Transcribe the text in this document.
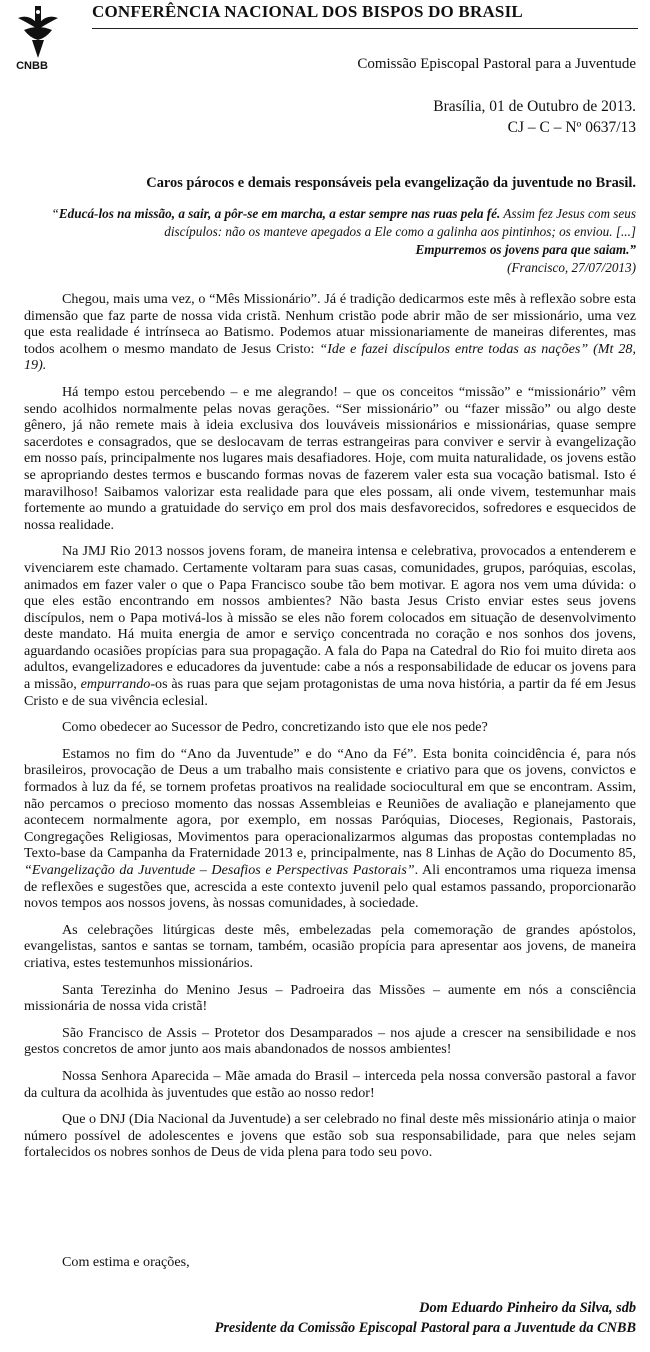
CNBB
CONFERÊNCIA NACIONAL DOS BISPOS DO BRASIL
Comissão Episcopal Pastoral para a Juventude
Brasília, 01 de Outubro de 2013.
CJ – C – Nº 0637/13
Caros párocos e demais responsáveis pela evangelização da juventude no Brasil.
“Educá-los na missão, a sair, a pôr-se em marcha, a estar sempre nas ruas pela fé. Assim fez Jesus com seus discípulos: não os manteve apegados a Ele como a galinha aos pintinhos; os enviou. [...]
Empurremos os jovens para que saiam.”
(Francisco, 27/07/2013)

Chegou, mais uma vez, o “Mês Missionário”. Já é tradição dedicarmos este mês à reflexão sobre esta dimensão que faz parte de nossa vida cristã. Nenhum cristão pode abrir mão de ser missionário, uma vez que esta realidade é intrínseca ao Batismo. Podemos atuar missionariamente de maneiras diferentes, mas todos acolhem o mesmo mandato de Jesus Cristo: “Ide e fazei discípulos entre todas as nações” (Mt 28, 19).

Há tempo estou percebendo – e me alegrando! – que os conceitos “missão” e “missionário” vêm sendo acolhidos normalmente pelas novas gerações. “Ser missionário” ou “fazer missão” ou algo deste gênero, já não remete mais à ideia exclusiva dos louváveis missionários e missionárias, quase sempre sacerdotes e consagrados, que se deslocavam de terras estrangeiras para conviver e servir à evangelização em nosso país, principalmente nos lugares mais desafiadores. Hoje, com muita naturalidade, os jovens estão se apropriando destes termos e buscando formas novas de fazerem valer esta sua vocação batismal. Isto é maravilhoso! Saibamos valorizar esta realidade para que eles possam, ali onde vivem, testemunhar mais fortemente ao mundo a gratuidade do serviço em prol dos mais desfavorecidos, sofredores e esquecidos de nossa realidade.

Na JMJ Rio 2013 nossos jovens foram, de maneira intensa e celebrativa, provocados a entenderem e vivenciarem este chamado. Certamente voltaram para suas casas, comunidades, grupos, paróquias, escolas, animados em fazer valer o que o Papa Francisco soube tão bem motivar. E agora nos vem uma dúvida: o que eles estão encontrando em nossos ambientes? Não basta Jesus Cristo enviar estes seus jovens discípulos, nem o Papa motivá-los à missão se eles não forem colocados em situação de desenvolvimento deste mandato. Há muita energia de amor e serviço concentrada no coração e nos sonhos dos jovens, aguardando ocasiões propícias para sua propagação. A fala do Papa na Catedral do Rio foi muito direta aos adultos, evangelizadores e educadores da juventude: cabe a nós a responsabilidade de educar os jovens para a missão, empurrando-os às ruas para que sejam protagonistas de uma nova história, a partir da fé em Jesus Cristo e de sua vivência eclesial.

Como obedecer ao Sucessor de Pedro, concretizando isto que ele nos pede?

Estamos no fim do “Ano da Juventude” e do “Ano da Fé”. Esta bonita coincidência é, para nós brasileiros, provocação de Deus a um trabalho mais consistente e criativo para que os jovens, convictos e formados à luz da fé, se tornem profetas proativos na realidade sociocultural em que se encontram. Assim, não percamos o precioso momento das nossas Assembleias e Reuniões de avaliação e planejamento que acontecem normalmente agora, por exemplo, em nossas Paróquias, Dioceses, Regionais, Pastorais, Congregações Religiosas, Movimentos para operacionalizarmos algumas das propostas contempladas no Texto-base da Campanha da Fraternidade 2013 e, principalmente, nas 8 Linhas de Ação do Documento 85, “Evangelização da Juventude – Desafios e Perspectivas Pastorais”. Ali encontramos uma riqueza imensa de reflexões e sugestões que, acrescida a este contexto juvenil pelo qual estamos passando, proporcionarão novos tempos aos nossos jovens, às nossas comunidades, à sociedade.

As celebrações litúrgicas deste mês, embelezadas pela comemoração de grandes apóstolos, evangelistas, santos e santas se tornam, também, ocasião propícia para apresentar aos jovens, de maneira criativa, estes testemunhos missionários.

Santa Terezinha do Menino Jesus – Padroeira das Missões – aumente em nós a consciência missionária de nossa vida cristã!

São Francisco de Assis – Protetor dos Desamparados – nos ajude a crescer na sensibilidade e nos gestos concretos de amor junto aos mais abandonados de nossos ambientes!

Nossa Senhora Aparecida – Mãe amada do Brasil – interceda pela nossa conversão pastoral a favor da cultura da acolhida às juventudes que estão ao nosso redor!

Que o DNJ (Dia Nacional da Juventude) a ser celebrado no final deste mês missionário atinja o maior número possível de adolescentes e jovens que estão sob sua responsabilidade, para que neles sejam fortalecidos os nobres sonhos de Deus de vida plena para todo seu povo.

Com estima e orações,
Dom Eduardo Pinheiro da Silva, sdb
Presidente da Comissão Episcopal Pastoral para a Juventude da CNBB
